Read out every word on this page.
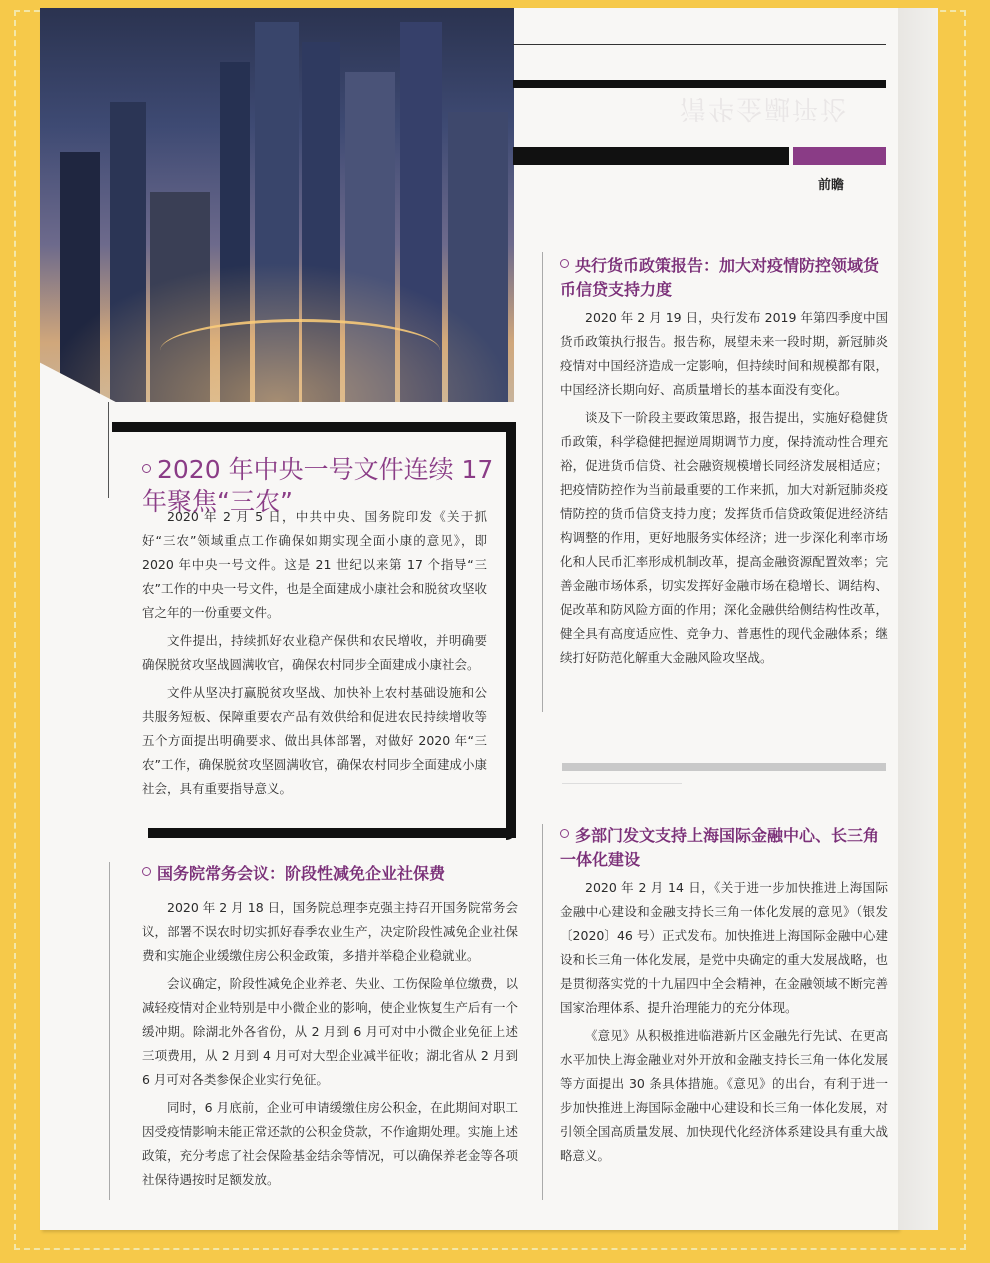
清华金融评论
前瞻
2020 年中央一号文件连续 17 年聚焦“三农”

2020 年 2 月 5 日，中共中央、国务院印发《关于抓好“三农”领域重点工作确保如期实现全面小康的意见》，即 2020 年中央一号文件。这是 21 世纪以来第 17 个指导“三农”工作的中央一号文件，也是全面建成小康社会和脱贫攻坚收官之年的一份重要文件。

文件提出，持续抓好农业稳产保供和农民增收，并明确要确保脱贫攻坚战圆满收官，确保农村同步全面建成小康社会。

文件从坚决打赢脱贫攻坚战、加快补上农村基础设施和公共服务短板、保障重要农产品有效供给和促进农民持续增收等五个方面提出明确要求、做出具体部署，对做好 2020 年“三农”工作，确保脱贫攻坚圆满收官，确保农村同步全面建成小康社会，具有重要指导意义。

国务院常务会议：阶段性减免企业社保费

2020 年 2 月 18 日，国务院总理李克强主持召开国务院常务会议，部署不误农时切实抓好春季农业生产，决定阶段性减免企业社保费和实施企业缓缴住房公积金政策，多措并举稳企业稳就业。

会议确定，阶段性减免企业养老、失业、工伤保险单位缴费，以减轻疫情对企业特别是中小微企业的影响，使企业恢复生产后有一个缓冲期。除湖北外各省份，从 2 月到 6 月可对中小微企业免征上述三项费用，从 2 月到 4 月可对大型企业减半征收；湖北省从 2 月到 6 月可对各类参保企业实行免征。

同时，6 月底前，企业可申请缓缴住房公积金，在此期间对职工因受疫情影响未能正常还款的公积金贷款，不作逾期处理。实施上述政策，充分考虑了社会保险基金结余等情况，可以确保养老金等各项社保待遇按时足额发放。

央行货币政策报告：加大对疫情防控领域货币信贷支持力度

2020 年 2 月 19 日，央行发布 2019 年第四季度中国货币政策执行报告。报告称，展望未来一段时期，新冠肺炎疫情对中国经济造成一定影响，但持续时间和规模都有限，中国经济长期向好、高质量增长的基本面没有变化。

谈及下一阶段主要政策思路，报告提出，实施好稳健货币政策，科学稳健把握逆周期调节力度，保持流动性合理充裕，促进货币信贷、社会融资规模增长同经济发展相适应；把疫情防控作为当前最重要的工作来抓，加大对新冠肺炎疫情防控的货币信贷支持力度；发挥货币信贷政策促进经济结构调整的作用，更好地服务实体经济；进一步深化利率市场化和人民币汇率形成机制改革，提高金融资源配置效率；完善金融市场体系，切实发挥好金融市场在稳增长、调结构、促改革和防风险方面的作用；深化金融供给侧结构性改革，健全具有高度适应性、竞争力、普惠性的现代金融体系；继续打好防范化解重大金融风险攻坚战。

多部门发文支持上海国际金融中心、长三角一体化建设

2020 年 2 月 14 日，《关于进一步加快推进上海国际金融中心建设和金融支持长三角一体化发展的意见》（银发〔2020〕46 号）正式发布。加快推进上海国际金融中心建设和长三角一体化发展，是党中央确定的重大发展战略，也是贯彻落实党的十九届四中全会精神，在金融领域不断完善国家治理体系、提升治理能力的充分体现。

《意见》从积极推进临港新片区金融先行先试、在更高水平加快上海金融业对外开放和金融支持长三角一体化发展等方面提出 30 条具体措施。《意见》的出台，有利于进一步加快推进上海国际金融中心建设和长三角一体化发展，对引领全国高质量发展、加快现代化经济体系建设具有重大战略意义。
